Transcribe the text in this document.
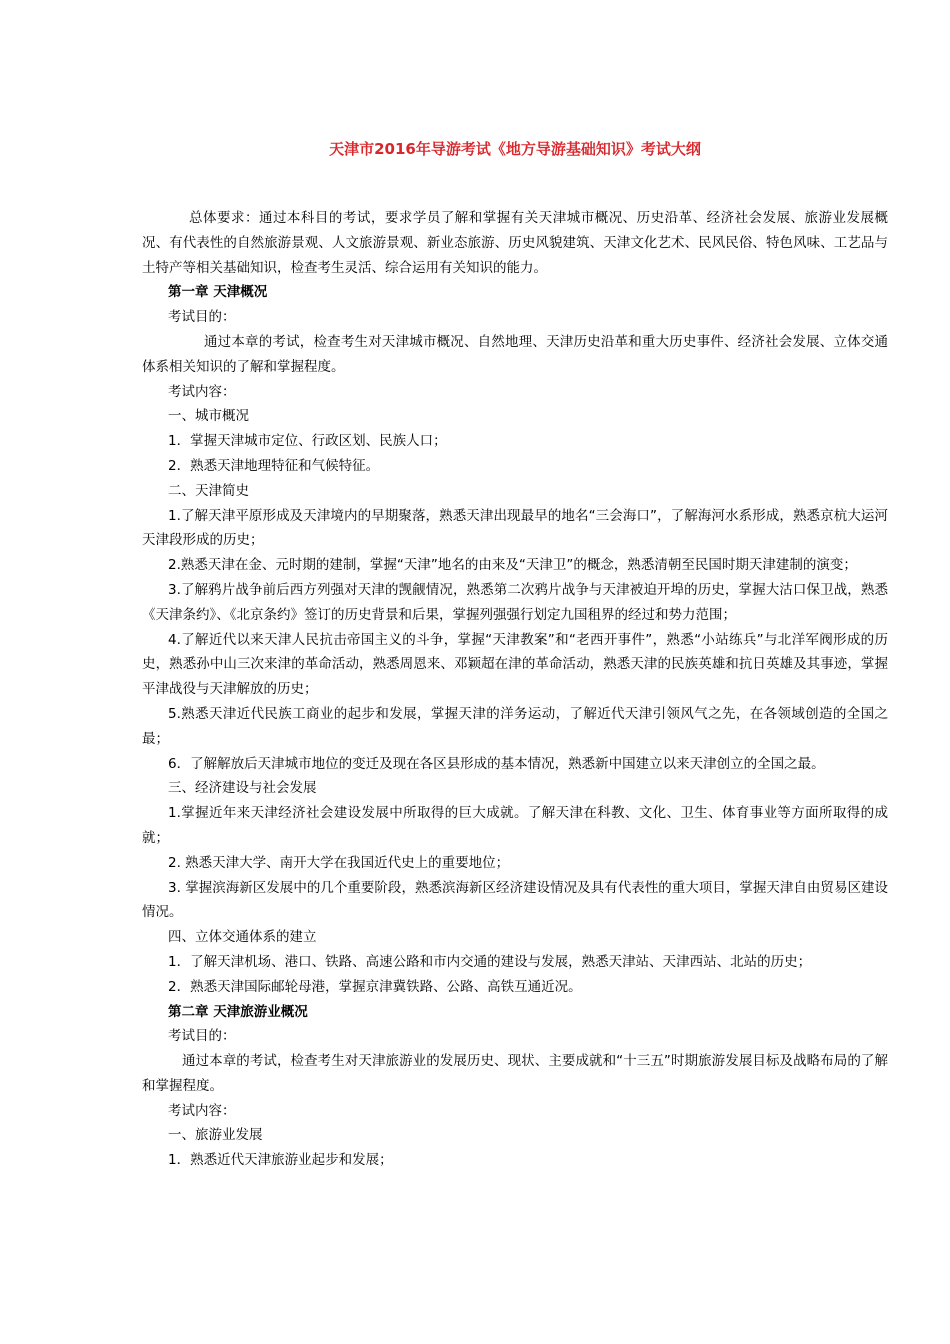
天津市2016年导游考试《地方导游基础知识》考试大纲

总体要求：通过本科目的考试，要求学员了解和掌握有关天津城市概况、历史沿革、经济社会发展、旅游业发展概况、有代表性的自然旅游景观、人文旅游景观、新业态旅游、历史风貌建筑、天津文化艺术、民风民俗、特色风味、工艺品与土特产等相关基础知识，检查考生灵活、综合运用有关知识的能力。

第一章 天津概况

考试目的：

通过本章的考试，检查考生对天津城市概况、自然地理、天津历史沿革和重大历史事件、经济社会发展、立体交通体系相关知识的了解和掌握程度。

考试内容：

一、城市概况

1．掌握天津城市定位、行政区划、民族人口；

2．熟悉天津地理特征和气候特征。

二、天津简史

1.了解天津平原形成及天津境内的早期聚落，熟悉天津出现最早的地名“三会海口”，了解海河水系形成，熟悉京杭大运河天津段形成的历史；

2.熟悉天津在金、元时期的建制，掌握“天津”地名的由来及“天津卫”的概念，熟悉清朝至民国时期天津建制的演变；

3.了解鸦片战争前后西方列强对天津的觊觎情况，熟悉第二次鸦片战争与天津被迫开埠的历史，掌握大沽口保卫战，熟悉《天津条约》、《北京条约》签订的历史背景和后果，掌握列强强行划定九国租界的经过和势力范围；

4.了解近代以来天津人民抗击帝国主义的斗争，掌握“天津教案”和“老西开事件”，熟悉“小站练兵”与北洋军阀形成的历史，熟悉孙中山三次来津的革命活动，熟悉周恩来、邓颖超在津的革命活动，熟悉天津的民族英雄和抗日英雄及其事迹，掌握平津战役与天津解放的历史；

5.熟悉天津近代民族工商业的起步和发展，掌握天津的洋务运动，了解近代天津引领风气之先，在各领域创造的全国之最；

6．了解解放后天津城市地位的变迁及现在各区县形成的基本情况，熟悉新中国建立以来天津创立的全国之最。

三、经济建设与社会发展

1.掌握近年来天津经济社会建设发展中所取得的巨大成就。了解天津在科教、文化、卫生、体育事业等方面所取得的成就；

2. 熟悉天津大学、南开大学在我国近代史上的重要地位；

3. 掌握滨海新区发展中的几个重要阶段，熟悉滨海新区经济建设情况及具有代表性的重大项目，掌握天津自由贸易区建设情况。

四、立体交通体系的建立

1．了解天津机场、港口、铁路、高速公路和市内交通的建设与发展，熟悉天津站、天津西站、北站的历史；

2．熟悉天津国际邮轮母港，掌握京津冀铁路、公路、高铁互通近况。

第二章 天津旅游业概况

考试目的：

通过本章的考试，检查考生对天津旅游业的发展历史、现状、主要成就和“十三五”时期旅游发展目标及战略布局的了解和掌握程度。

考试内容：

一、旅游业发展

1．熟悉近代天津旅游业起步和发展；
